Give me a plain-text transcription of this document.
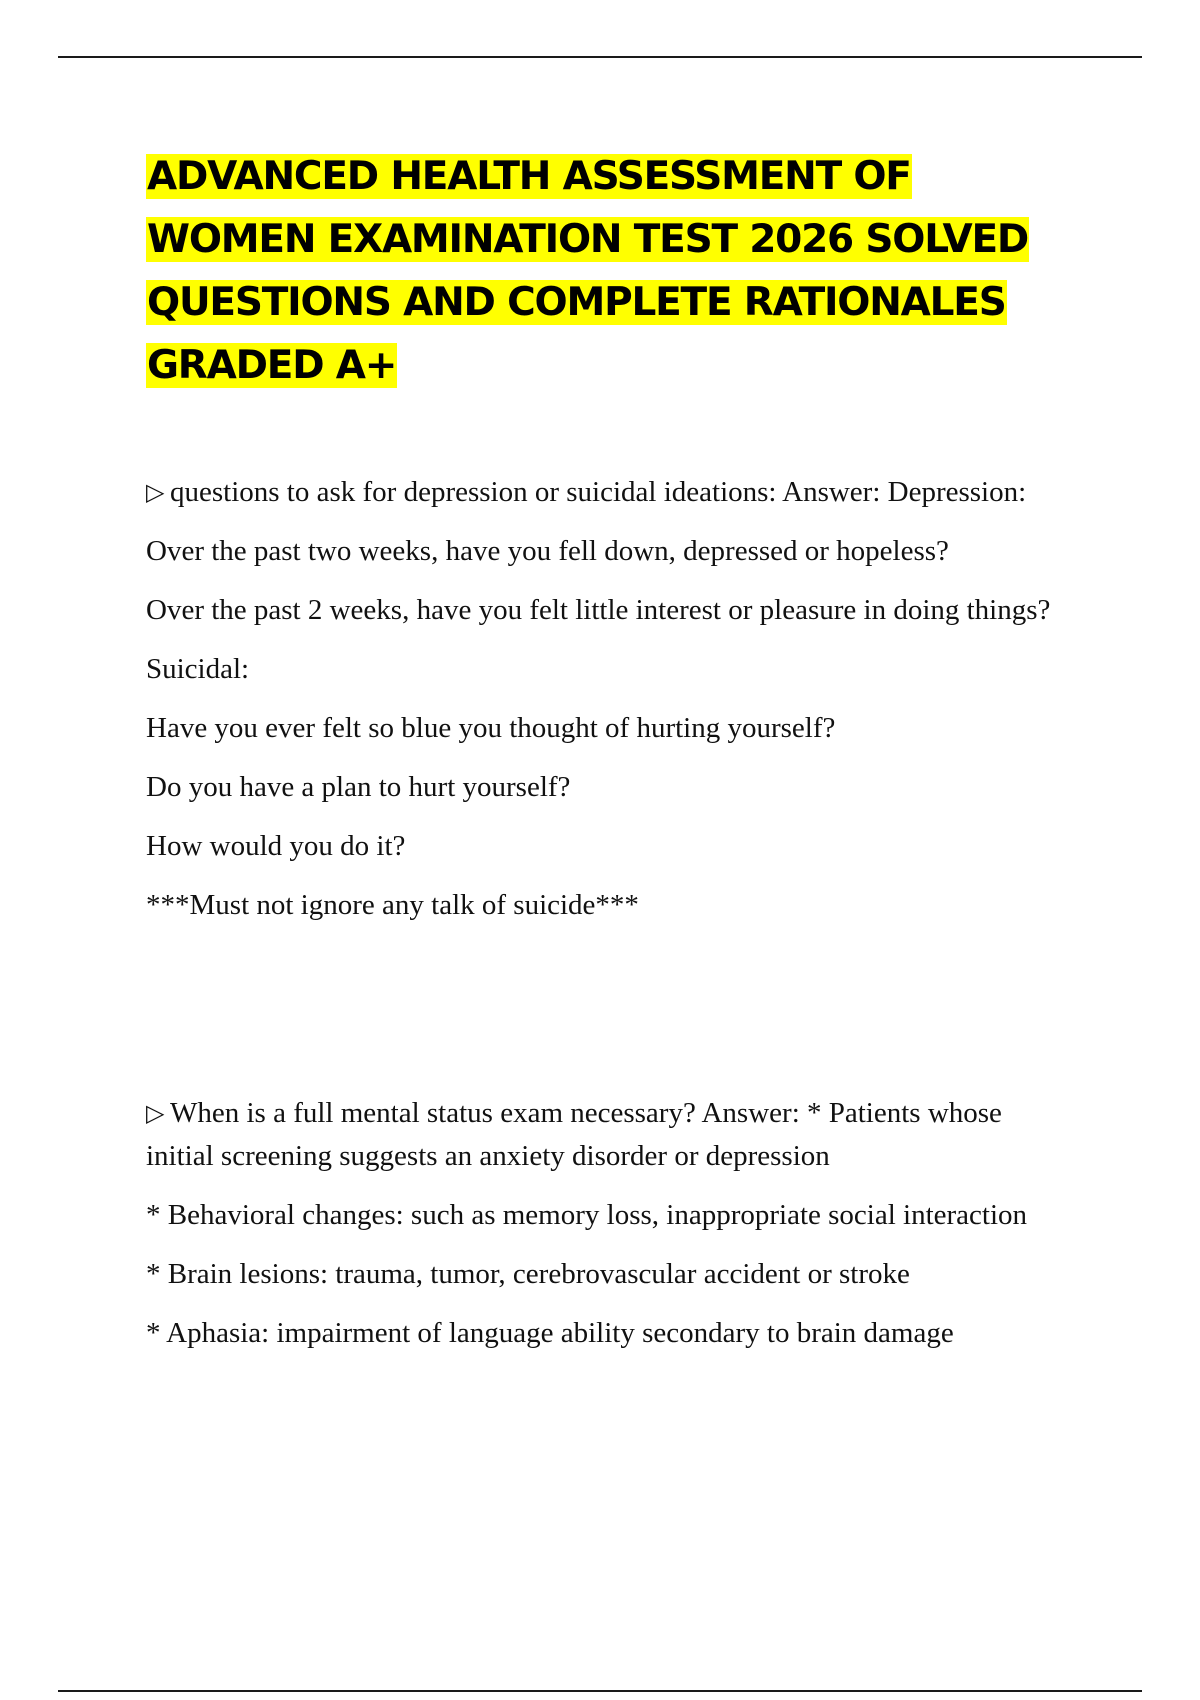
ADVANCED HEALTH ASSESSMENT OF
WOMEN EXAMINATION TEST 2026 SOLVED
QUESTIONS AND COMPLETE RATIONALES
GRADED A+

▷ questions to ask for depression or suicidal ideations: Answer: Depression:

Over the past two weeks, have you fell down, depressed or hopeless?

Over the past 2 weeks, have you felt little interest or pleasure in doing things?

Suicidal:

Have you ever felt so blue you thought of hurting yourself?

Do you have a plan to hurt yourself?

How would you do it?

***Must not ignore any talk of suicide***

▷ When is a full mental status exam necessary? Answer: * Patients whose initial screening suggests an anxiety disorder or depression

* Behavioral changes: such as memory loss, inappropriate social interaction

* Brain lesions: trauma, tumor, cerebrovascular accident or stroke

* Aphasia: impairment of language ability secondary to brain damage
